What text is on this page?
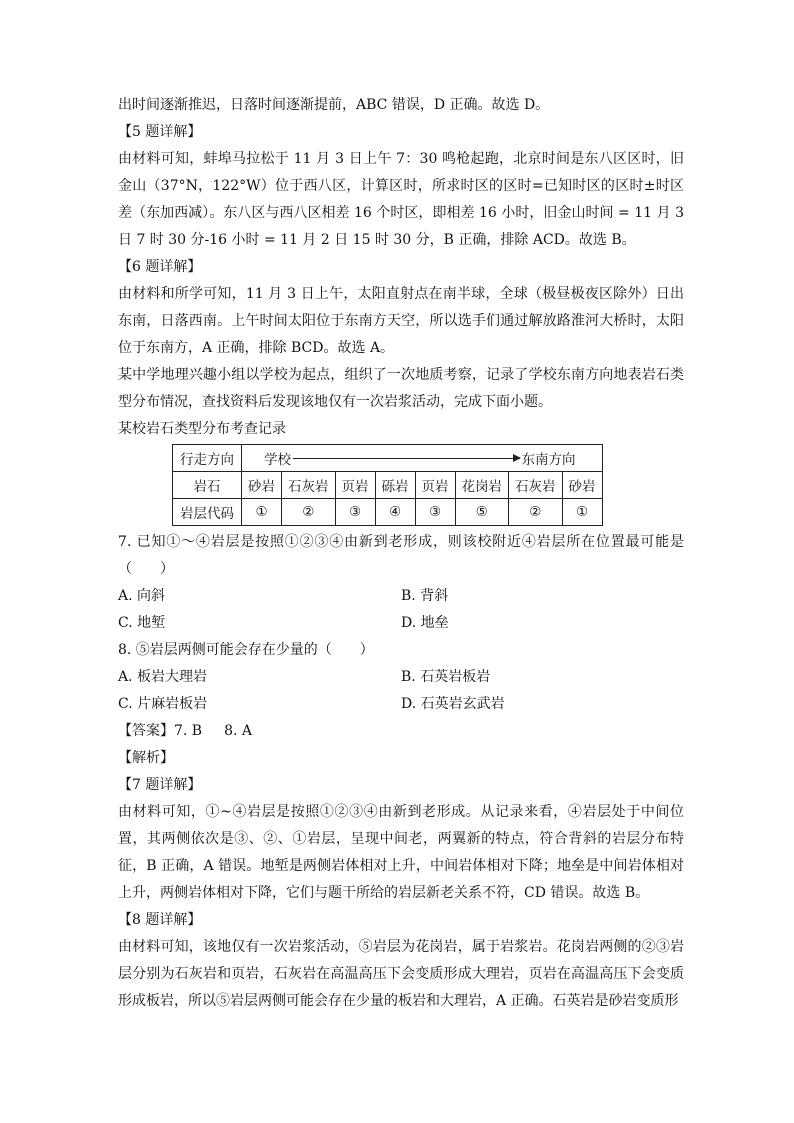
出时间逐渐推迟，日落时间逐渐提前，ABC 错误，D 正确。故选 D。

【5 题详解】

由材料可知，蚌埠马拉松于 11 月 3 日上午 7：30 鸣枪起跑，北京时间是东八区区时，旧金山（37°N，122°W）位于西八区，计算区时，所求时区的区时=已知时区的区时±时区差（东加西减）。东八区与西八区相差 16 个时区，即相差 16 小时，旧金山时间 = 11 月 3 日 7 时 30 分-16 小时 = 11 月 2 日 15 时 30 分，B 正确，排除 ACD。故选 B。

【6 题详解】

由材料和所学可知，11 月 3 日上午，太阳直射点在南半球，全球（极昼极夜区除外）日出东南，日落西南。上午时间太阳位于东南方天空，所以选手们通过解放路淮河大桥时，太阳位于东南方，A 正确，排除 BCD。故选 A。

某中学地理兴趣小组以学校为起点，组织了一次地质考察，记录了学校东南方向地表岩石类型分布情况，查找资料后发现该地仅有一次岩浆活动，完成下面小题。

某校岩石类型分布考查记录

行走方向	学校 东南方向							

岩石	砂岩	石灰岩	页岩	砾岩	页岩	花岗岩	石灰岩	砂岩
岩层代码	①	②	③	④	③	⑤	②	①

7. 已知①～④岩层是按照①②③④由新到老形成，则该校附近④岩层所在位置最可能是（　　）

A. 向斜	B. 背斜
C. 地堑	D. 地垒

8. ⑤岩层两侧可能会存在少量的（　　）

A. 板岩大理岩	B. 石英岩板岩
C. 片麻岩板岩	D. 石英岩玄武岩

【答案】7. B 8. A

【解析】

【7 题详解】

由材料可知，①~④岩层是按照①②③④由新到老形成。从记录来看，④岩层处于中间位置，其两侧依次是③、②、①岩层，呈现中间老，两翼新的特点，符合背斜的岩层分布特征，B 正确，A 错误。地堑是两侧岩体相对上升，中间岩体相对下降；地垒是中间岩体相对上升，两侧岩体相对下降，它们与题干所给的岩层新老关系不符，CD 错误。故选 B。

【8 题详解】

由材料可知，该地仅有一次岩浆活动，⑤岩层为花岗岩，属于岩浆岩。花岗岩两侧的②③岩层分别为石灰岩和页岩，石灰岩在高温高压下会变质形成大理岩，页岩在高温高压下会变质形成板岩，所以⑤岩层两侧可能会存在少量的板岩和大理岩，A 正确。石英岩是砂岩变质形
